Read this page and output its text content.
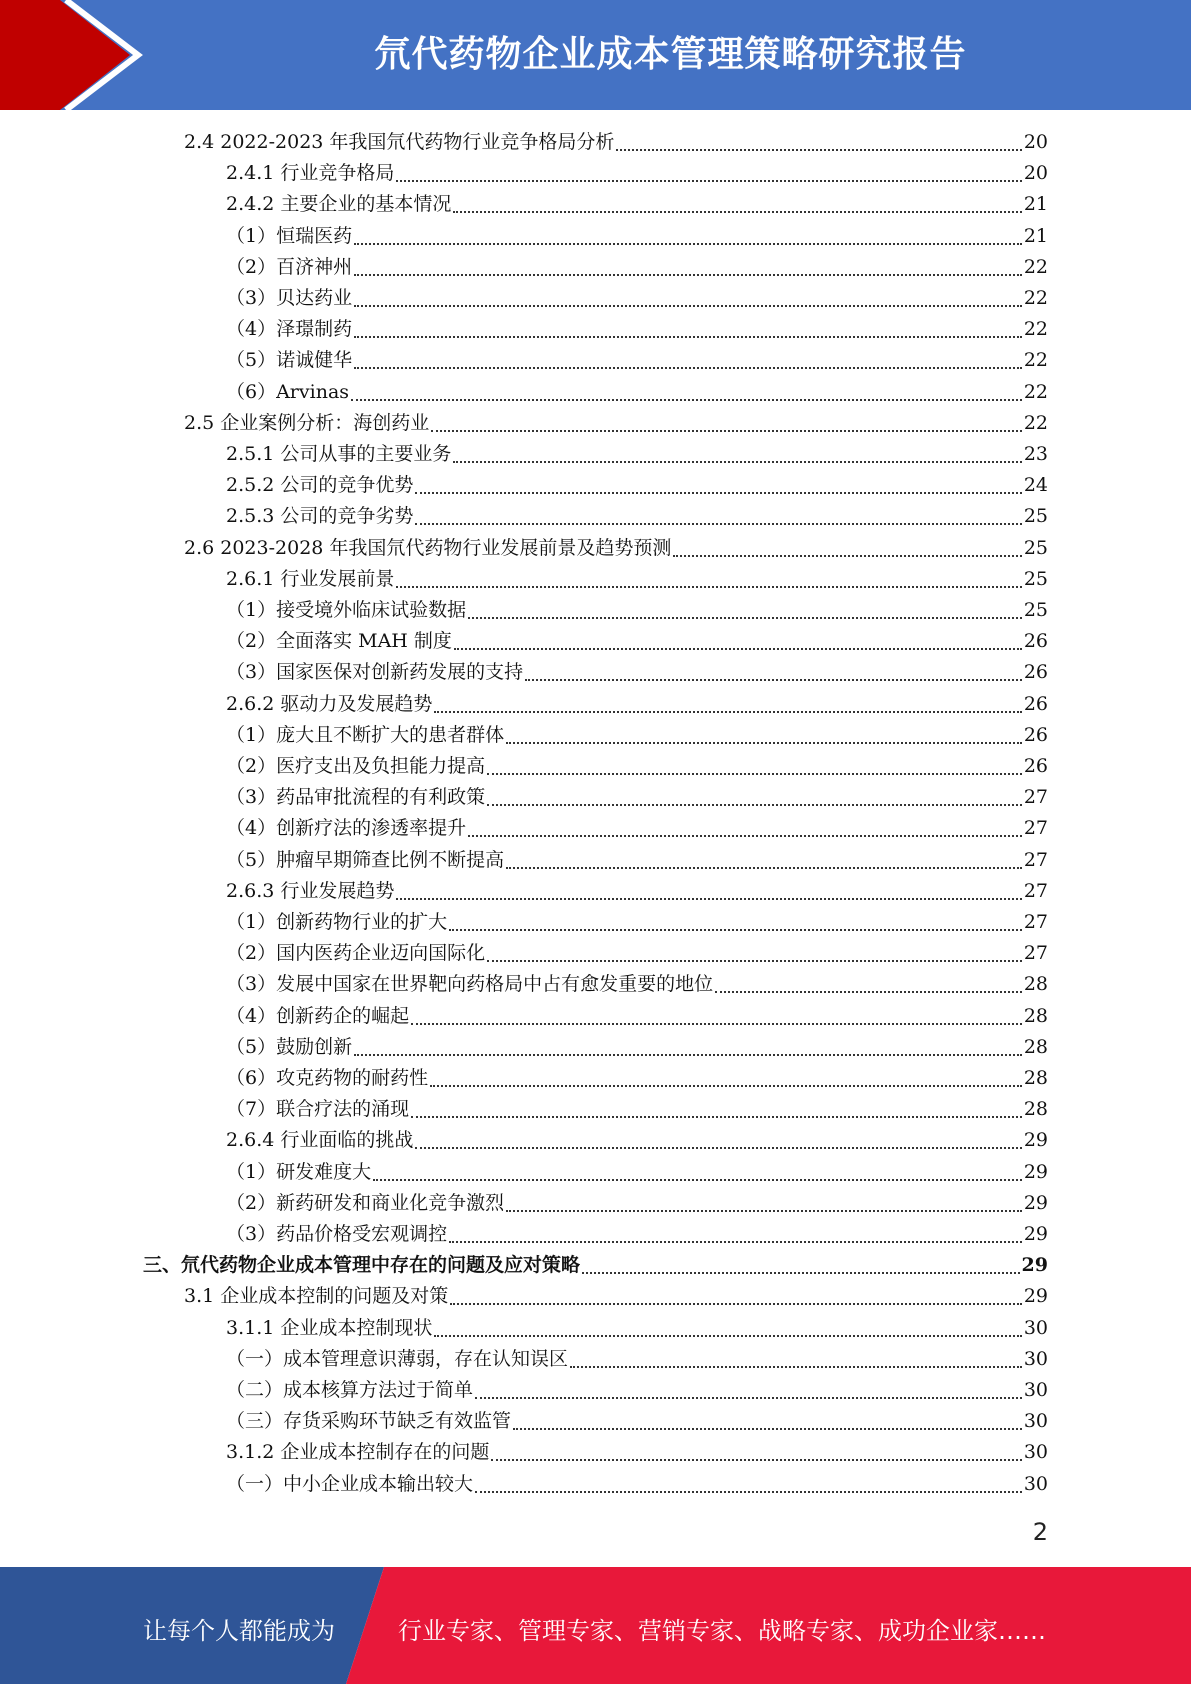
氘代药物企业成本管理策略研究报告
2.4 2022-2023 年我国氘代药物行业竞争格局分析	20
2.4.1 行业竞争格局	20
2.4.2 主要企业的基本情况	21
（1）恒瑞医药	21
（2）百济神州	22
（3）贝达药业	22
（4）泽璟制药	22
（5）诺诚健华	22
（6）Arvinas	22
2.5 企业案例分析：海创药业	22
2.5.1 公司从事的主要业务	23
2.5.2 公司的竞争优势	24
2.5.3 公司的竞争劣势	25
2.6 2023-2028 年我国氘代药物行业发展前景及趋势预测	25
2.6.1 行业发展前景	25
（1）接受境外临床试验数据	25
（2）全面落实 MAH 制度	26
（3）国家医保对创新药发展的支持	26
2.6.2 驱动力及发展趋势	26
（1）庞大且不断扩大的患者群体	26
（2）医疗支出及负担能力提高	26
（3）药品审批流程的有利政策	27
（4）创新疗法的渗透率提升	27
（5）肿瘤早期筛查比例不断提高	27
2.6.3 行业发展趋势	27
（1）创新药物行业的扩大	27
（2）国内医药企业迈向国际化	27
（3）发展中国家在世界靶向药格局中占有愈发重要的地位	28
（4）创新药企的崛起	28
（5）鼓励创新	28
（6）攻克药物的耐药性	28
（7）联合疗法的涌现	28
2.6.4 行业面临的挑战	29
（1）研发难度大	29
（2）新药研发和商业化竞争激烈	29
（3）药品价格受宏观调控	29
三、氘代药物企业成本管理中存在的问题及应对策略	29
3.1 企业成本控制的问题及对策	29
3.1.1 企业成本控制现状	30
（一）成本管理意识薄弱，存在认知误区	30
（二）成本核算方法过于简单	30
（三）存货采购环节缺乏有效监管	30
3.1.2 企业成本控制存在的问题	30
（一）中小企业成本输出较大	30
2
让每个人都能成为	行业专家、管理专家、营销专家、战略专家、成功企业家……
